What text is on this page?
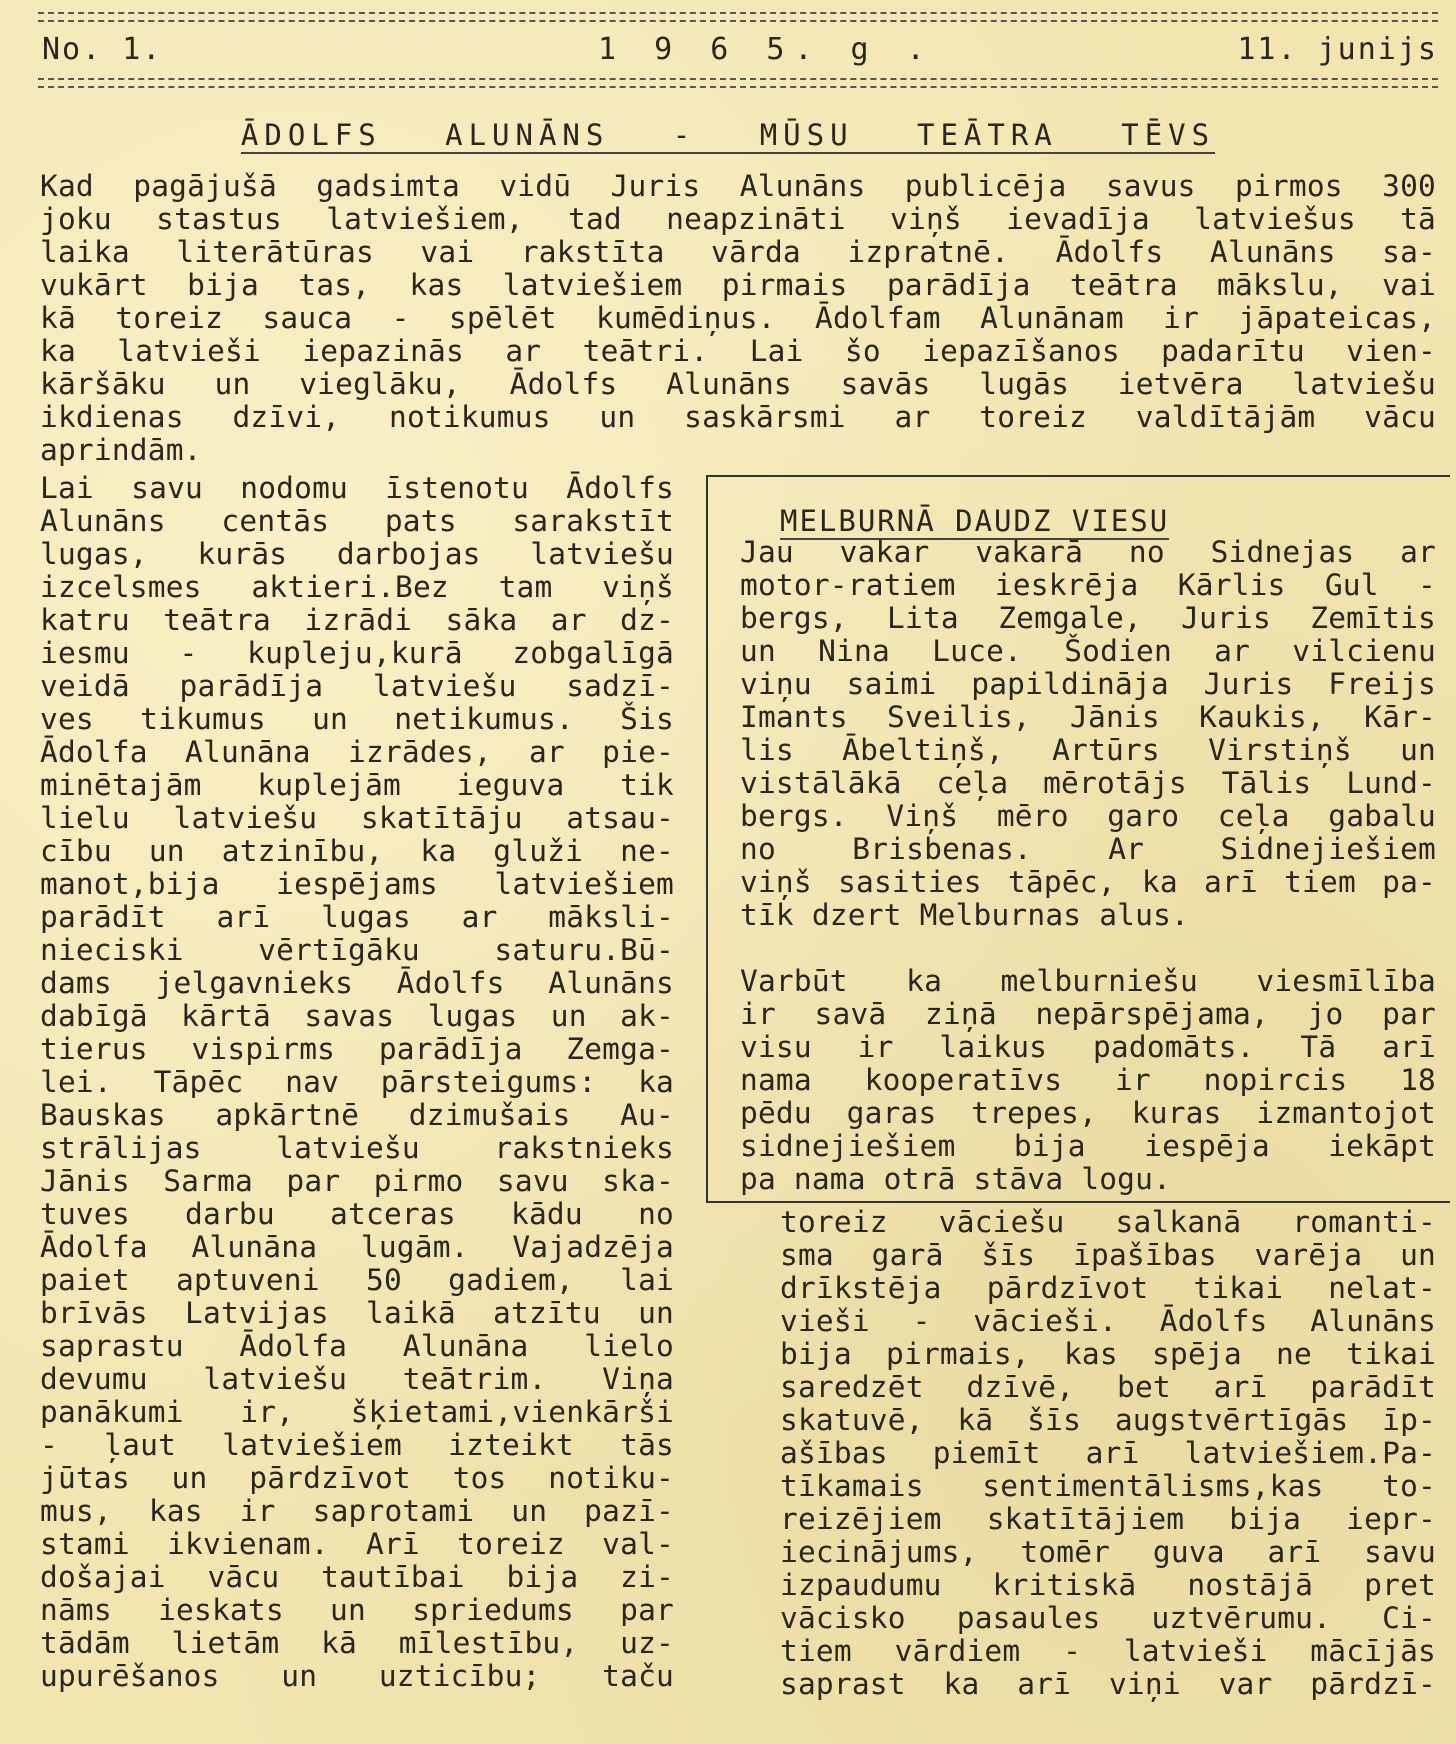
No. 1.	1 9 6 5. g .	11. junijs
ĀDOLFS ALUNĀNS - MŪSU TEĀTRA TĒVS
Kad pagājušā gadsimta vidū Juris Alunāns publicēja savus pirmos 300
joku stastus latviešiem, tad neapzināti viņš ievadīja latviešus tā
laika literātūras vai rakstīta vārda izpratnē. Ādolfs Alunāns sa-
vukārt bija tas, kas latviešiem pirmais parādīja teātra mākslu, vai
kā toreiz sauca - spēlēt kumēdiņus. Ādolfam Alunānam ir jāpateicas,
ka latvieši iepazinās ar teātri. Lai šo iepazīšanos padarītu vien-
kāršāku un vieglāku, Ādolfs Alunāns savās lugās ietvēra latviešu
ikdienas dzīvi, notikumus un saskārsmi ar toreiz valdītājām vācu
aprindām.
Lai savu nodomu īstenotu Ādolfs
Alunāns centās pats sarakstīt
lugas, kurās darbojas latviešu
izcelsmes aktieri.Bez tam viņš
katru teātra izrādi sāka ar dz-
iesmu - kupleju,kurā zobgalīgā
veidā parādīja latviešu sadzī-
ves tikumus un netikumus. Šis
Ādolfa Alunāna izrādes, ar pie-
minētajām kuplejām ieguva tik
lielu latviešu skatītāju atsau-
cību un atzinību, ka gluži ne-
manot,bija iespējams latviešiem
parādīt arī lugas ar māksli-
nieciski vērtīgāku saturu.Bū-
dams jelgavnieks Ādolfs Alunāns
dabīgā kārtā savas lugas un ak-
tierus vispirms parādīja Zemga-
lei. Tāpēc nav pārsteigums: ka
Bauskas apkārtnē dzimušais Au-
strālijas latviešu rakstnieks
Jānis Sarma par pirmo savu ska-
tuves darbu atceras kādu no
Ādolfa Alunāna lugām. Vajadzēja
paiet aptuveni 50 gadiem, lai
brīvās Latvijas laikā atzītu un
saprastu Ādolfa Alunāna lielo
devumu latviešu teātrim. Viņa
panākumi ir, šķietami,vienkārši
- ļaut latviešiem izteikt tās
jūtas un pārdzīvot tos notiku-
mus, kas ir saprotami un pazī-
stami ikvienam. Arī toreiz val-
došajai vācu tautībai bija zi-
nāms ieskats un spriedums par
tādām lietām kā mīlestību, uz-
upurēšanos un uzticību; taču
MELBURNĀ DAUDZ VIESU
Jau vakar vakarā no Sidnejas ar
motor-ratiem ieskrēja Kārlis Gul -
bergs, Lita Zemgale, Juris Zemītis
un Nina Luce. Šodien ar vilcienu
viņu saimi papildināja Juris Freijs
Imants Sveilis, Jānis Kaukis, Kār-
lis Ābeltiņš, Artūrs Virstiņš un
vistālākā ceļa mērotājs Tālis Lund-
bergs. Viņš mēro garo ceļa gabalu
no Brisbenas. Ar Sidnejiešiem
viņš sasities tāpēc, ka arī tiem pa-
tīk dzert Melburnas alus.
Varbūt ka melburniešu viesmīlība
ir savā ziņā nepārspējama, jo par
visu ir laikus padomāts. Tā arī
nama kooperatīvs ir nopircis 18
pēdu garas trepes, kuras izmantojot
sidnejiešiem bija iespēja iekāpt
pa nama otrā stāva logu.
toreiz vāciešu salkanā romanti-
sma garā šīs īpašības varēja un
drīkstēja pārdzīvot tikai nelat-
vieši - vācieši. Ādolfs Alunāns
bija pirmais, kas spēja ne tikai
saredzēt dzīvē, bet arī parādīt
skatuvē, kā šīs augstvērtīgās īp-
ašības piemīt arī latviešiem.Pa-
tīkamais sentimentālisms,kas to-
reizējiem skatītājiem bija iepr-
iecinājums, tomēr guva arī savu
izpaudumu kritiskā nostājā pret
vācisko pasaules uztvērumu. Ci-
tiem vārdiem - latvieši mācījās
saprast ka arī viņi var pārdzī-
